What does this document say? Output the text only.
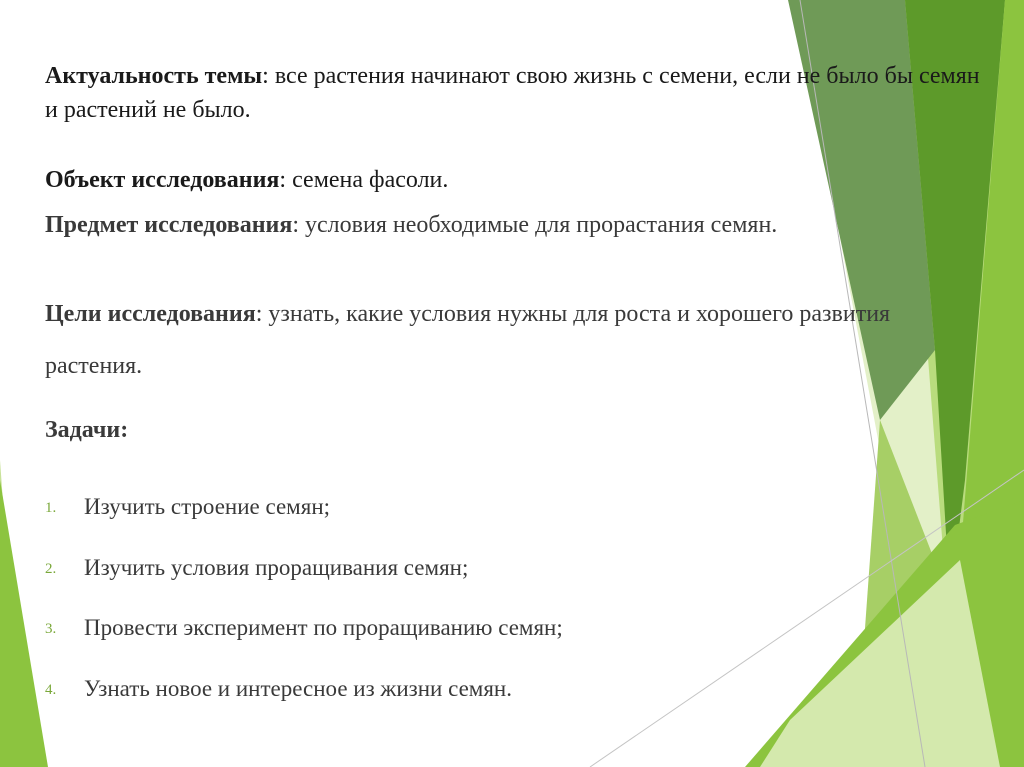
Актуальность темы: все растения начинают свою жизнь с семени, если не было бы семян и растений не было.
Объект исследования: семена фасоли.
Предмет исследования: условия необходимые для прорастания семян.
Цели исследования: узнать, какие условия нужны для роста и хорошего развития растения.
Задачи:
1. Изучить строение семян;
2. Изучить условия проращивания семян;
3. Провести эксперимент по проращиванию семян;
4. Узнать новое и интересное из жизни семян.
